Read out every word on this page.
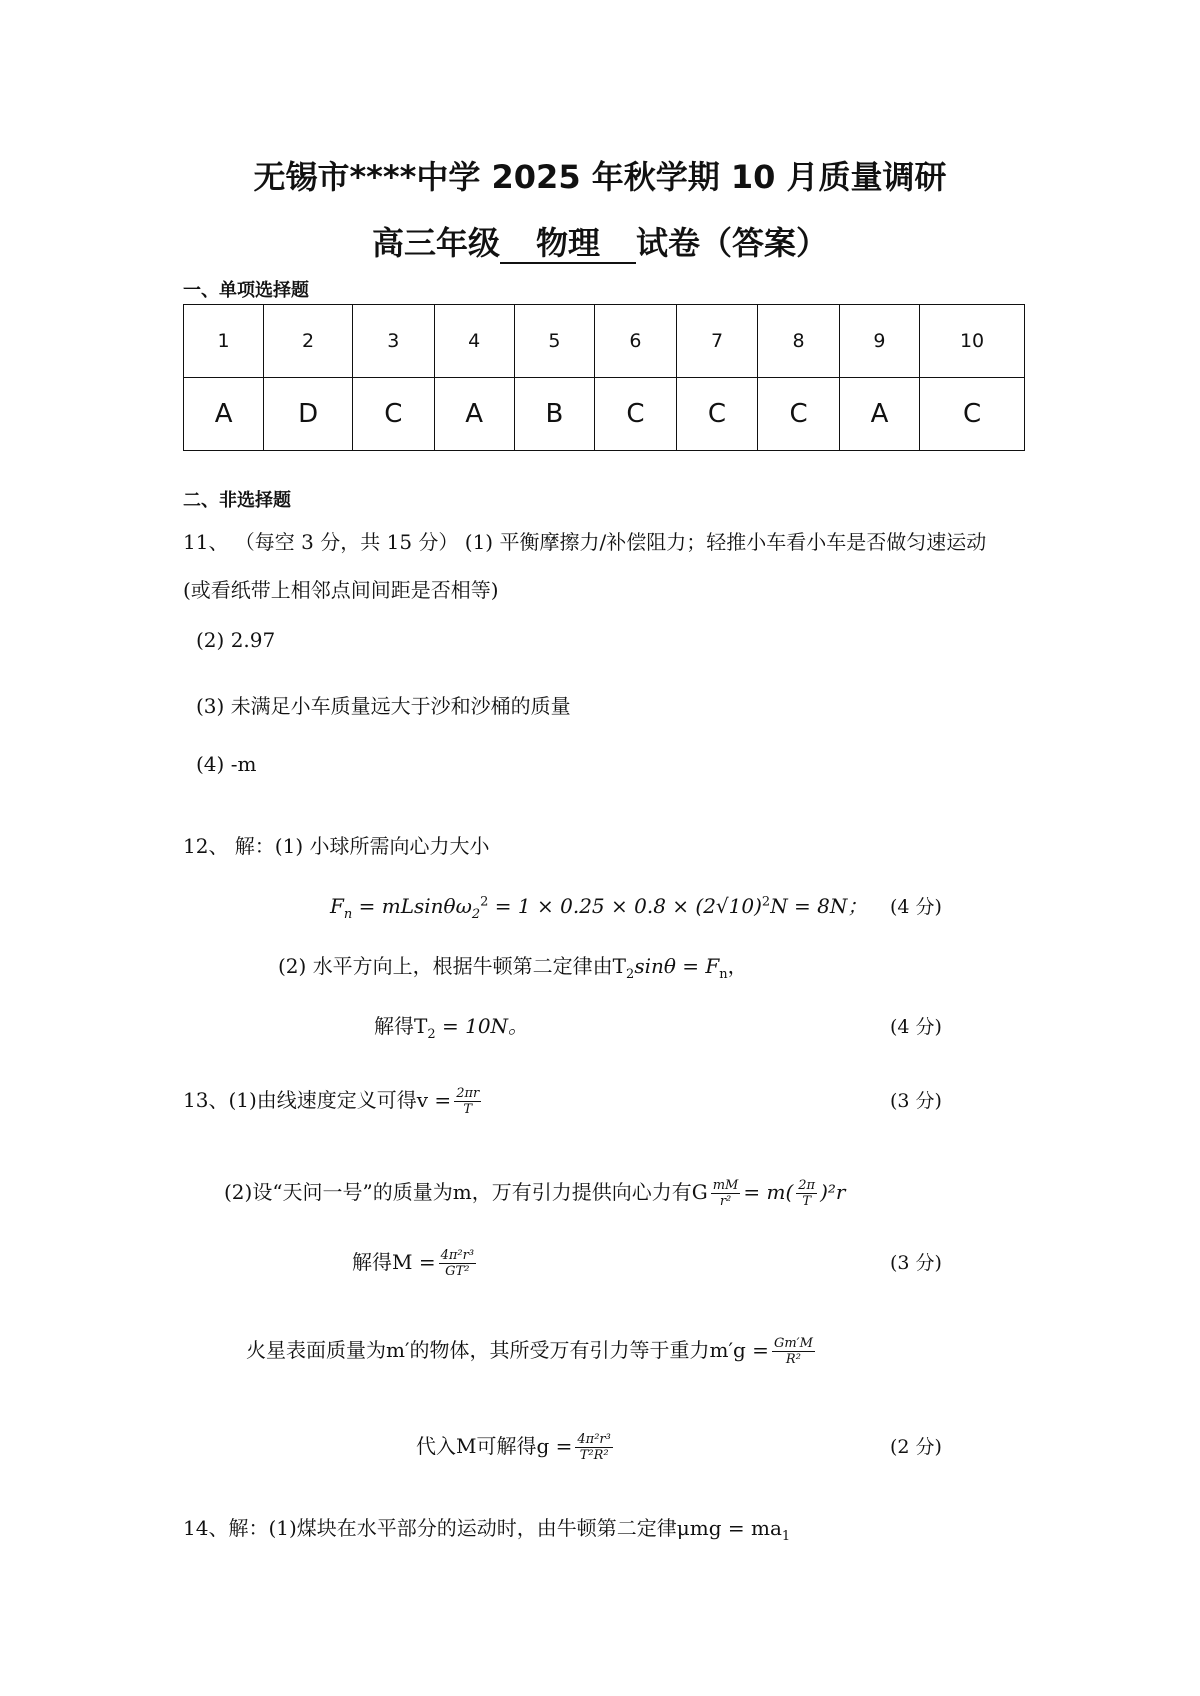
无锡市****中学 2025 年秋学期 10 月质量调研
高三年级 物理 试卷（答案）
一、单项选择题
1	2	3	4	5	6	7	8	9	10
A	D	C	A	B	C	C	C	A	C
二、非选择题
11、 （每空 3 分，共 15 分） (1) 平衡摩擦力/补偿阻力；轻推小车看小车是否做匀速运动
(或看纸带上相邻点间间距是否相等)
(2) 2.97
(3) 未满足小车质量远大于沙和沙桶的质量
(4) -m
12、 解：(1) 小球所需向心力大小
$F_n = mLsin\theta\omega_2^2 = 1 \times 0.25 \times 0.8 \times (2√10)^2N = 8N$； (4 分)
(2) 水平方向上，根据牛顿第二定律由$T_2\sin\theta = F_n$，
解得$T_2 = 10N$。	(4 分)
13、(1)由线速度定义可得$v = \frac{2\pi r}{T}$	(3 分)
(2)设“天问一号”的质量为m，万有引力提供向心力有G $\frac{mM}{\text{r²}} = m( \frac{2\pi}{T} )^2r$
解得$M = \frac{\text{4π²r³}}{\text{GT²}}$	(3 分)
火星表面质量为m′的物体，其所受万有引力等于重力$m'g = \frac{Gm'M}{\text{R²}}$
代入M可解得$g = \frac{\text{4π²r³}}{\text{T²R²}}$	(2 分)
14、解：(1)煤块在水平部分的运动时，由牛顿第二定律$\mu mg = ma_1$
